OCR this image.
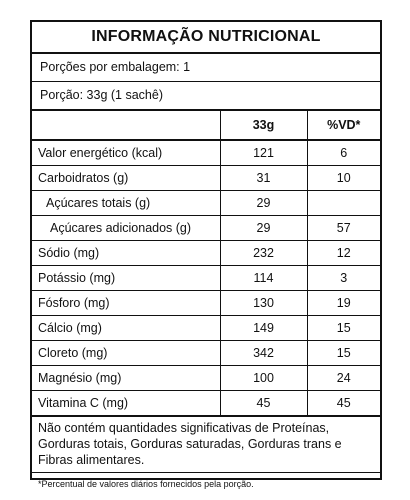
INFORMAÇÃO NUTRICIONAL
Porções por embalagem: 1
Porção: 33g (1 sachê)
	33g	%VD*
Valor energético (kcal)	121	6
Carboidratos (g)	31	10
Açúcares totais (g)	29	
Açúcares adicionados (g)	29	57
Sódio (mg)	232	12
Potássio (mg)	114	3
Fósforo (mg)	130	19
Cálcio (mg)	149	15
Cloreto (mg)	342	15
Magnésio (mg)	100	24
Vitamina C (mg)	45	45
Não contém quantidades significativas de Proteínas, Gorduras totais, Gorduras saturadas, Gorduras trans e Fibras alimentares.
*Percentual de valores diários fornecidos pela porção.
